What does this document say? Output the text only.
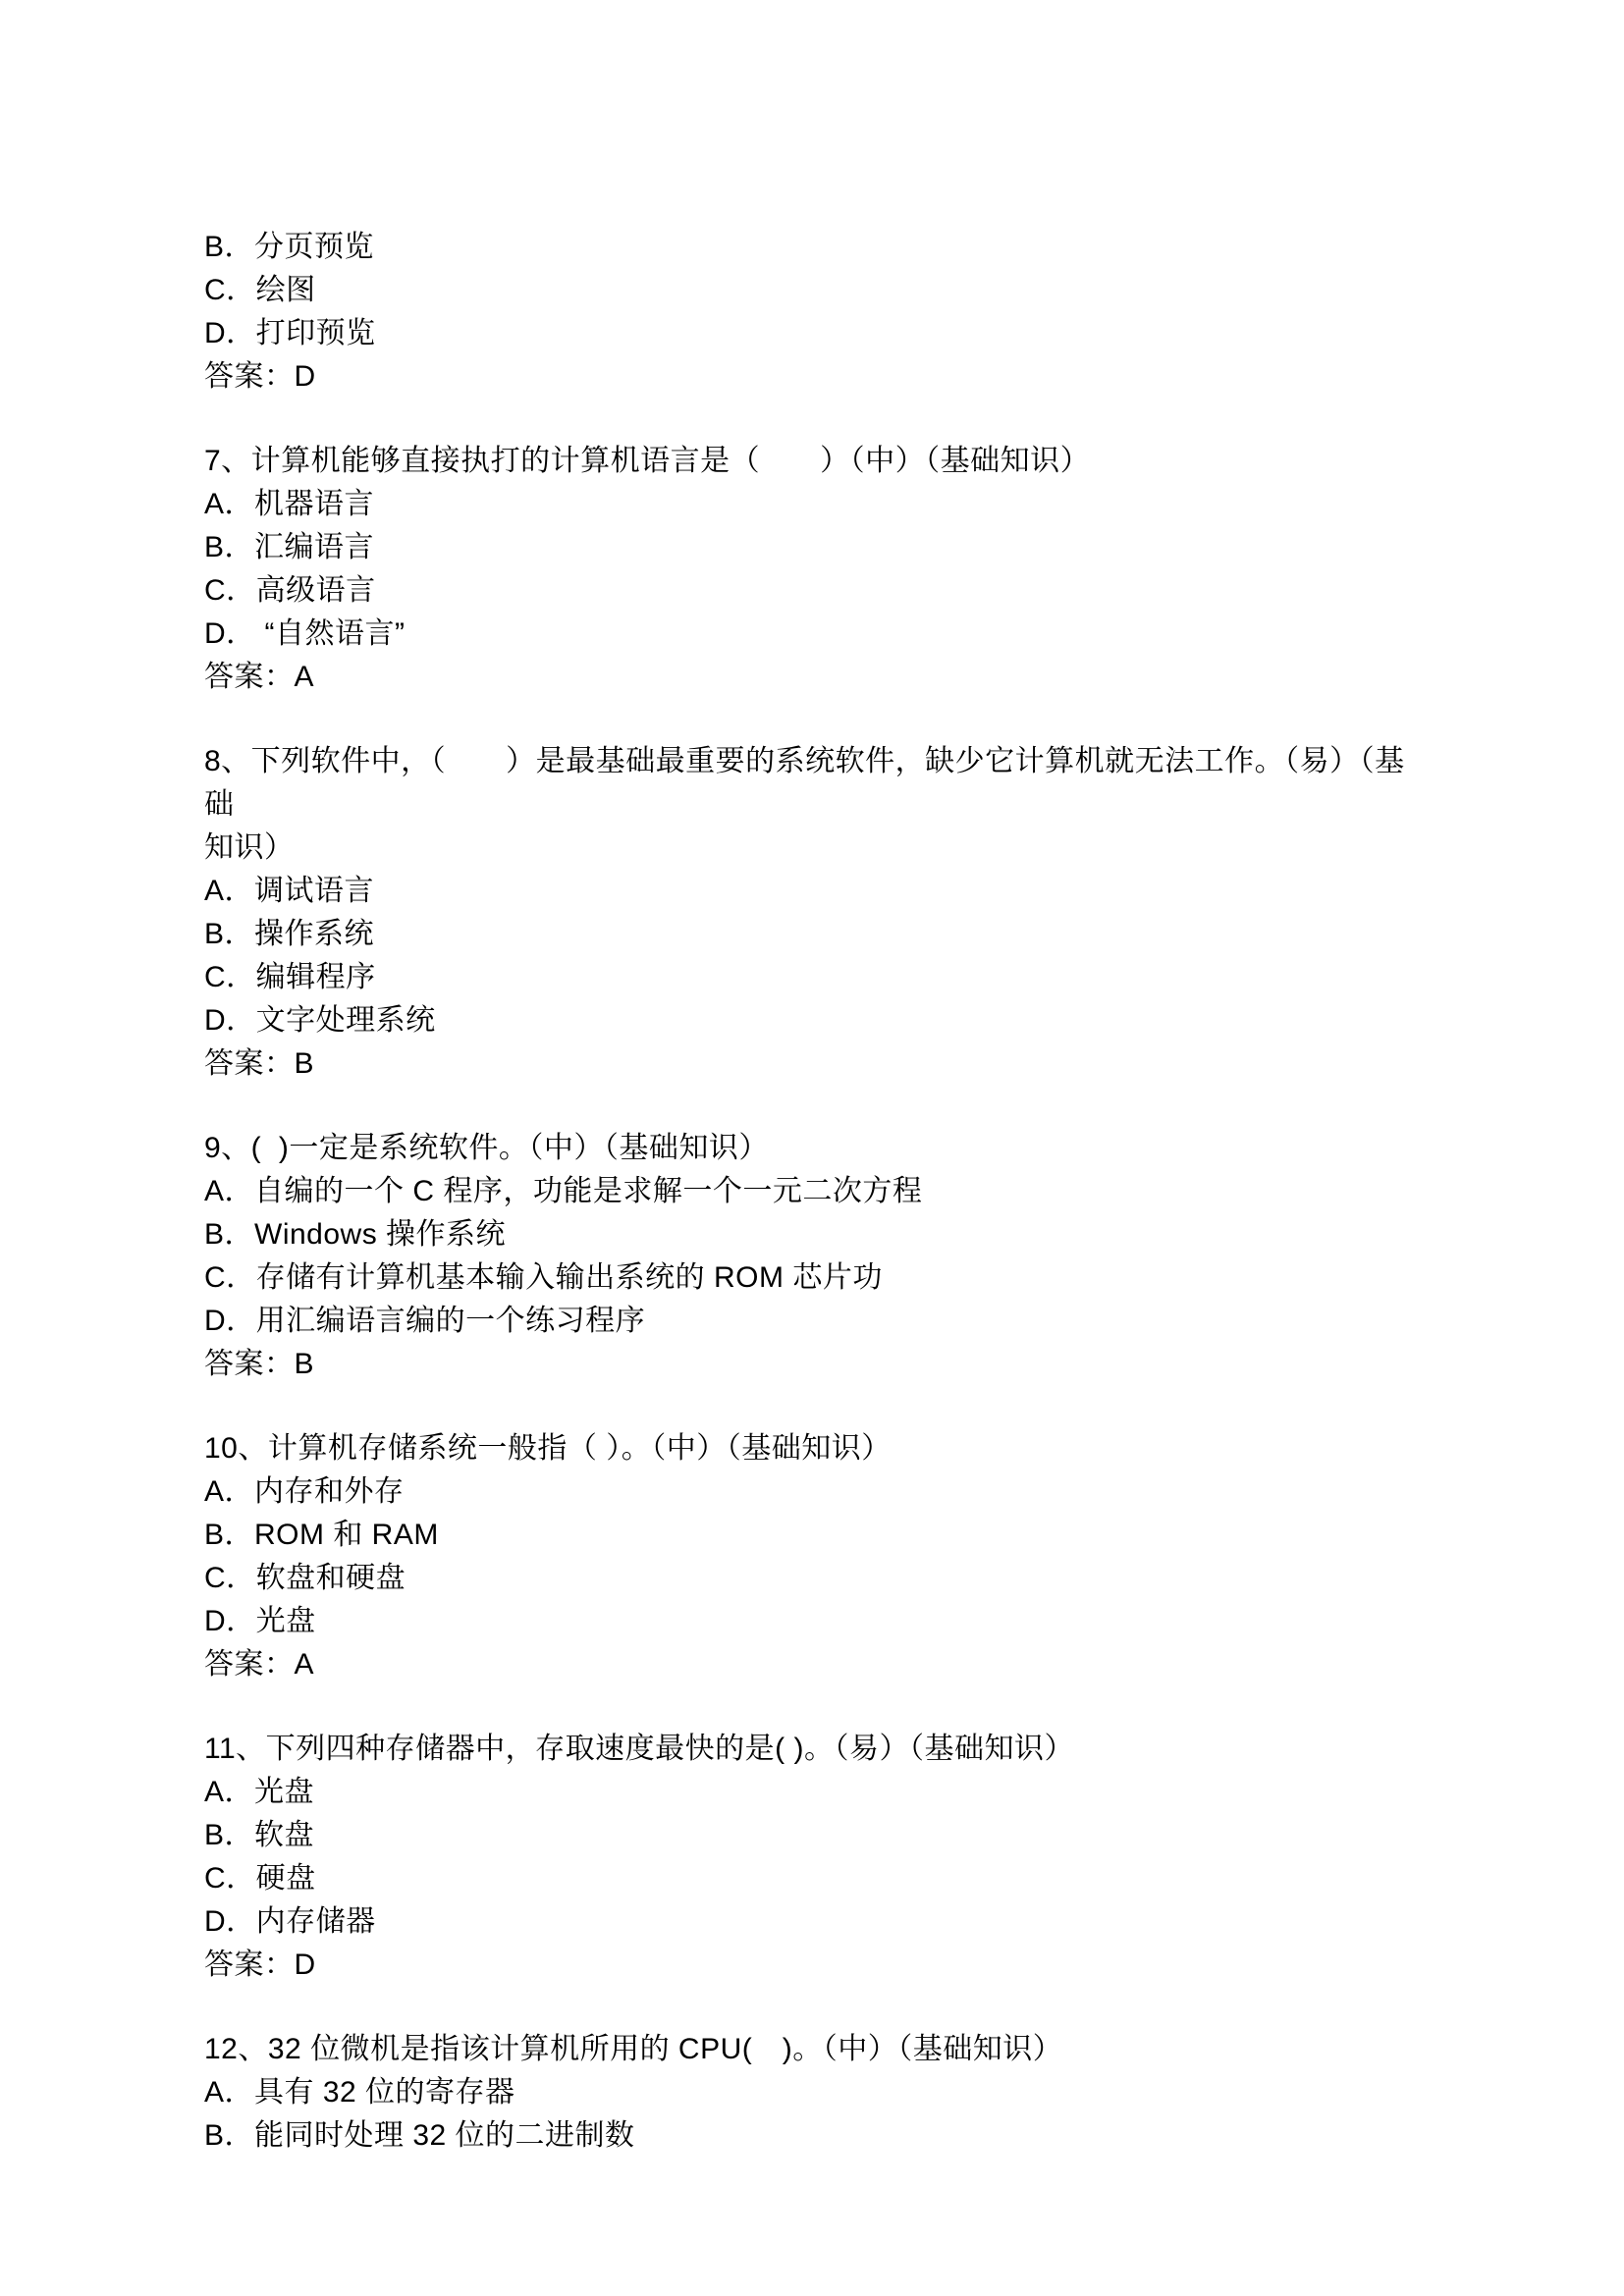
B．分页预览
C．绘图
D．打印预览
答案：D
7、计算机能够直接执打的计算机语言是（　　）（中）（基础知识）
A．机器语言
B．汇编语言
C．高级语言
D． “自然语言”
答案：A
8、下列软件中，（　　）是最基础最重要的系统软件，缺少它计算机就无法工作。（易）（基础
知识）
A．调试语言
B．操作系统
C．编辑程序
D．文字处理系统
答案：B
9、(  )一定是系统软件。（中）（基础知识）
A．自编的一个 C 程序，功能是求解一个一元二次方程
B．Windows 操作系统
C．存储有计算机基本输入输出系统的 ROM 芯片功
D．用汇编语言编的一个练习程序
答案：B
10、计算机存储系统一般指（ ）。（中）（基础知识）
A．内存和外存
B．ROM 和 RAM
C．软盘和硬盘
D．光盘
答案：A
11、下列四种存储器中，存取速度最快的是( )。（易）（基础知识）
A．光盘
B．软盘
C．硬盘
D．内存储器
答案：D
12、32 位微机是指该计算机所用的 CPU(　)。（中）（基础知识）
A．具有 32 位的寄存器
B．能同时处理 32 位的二进制数
